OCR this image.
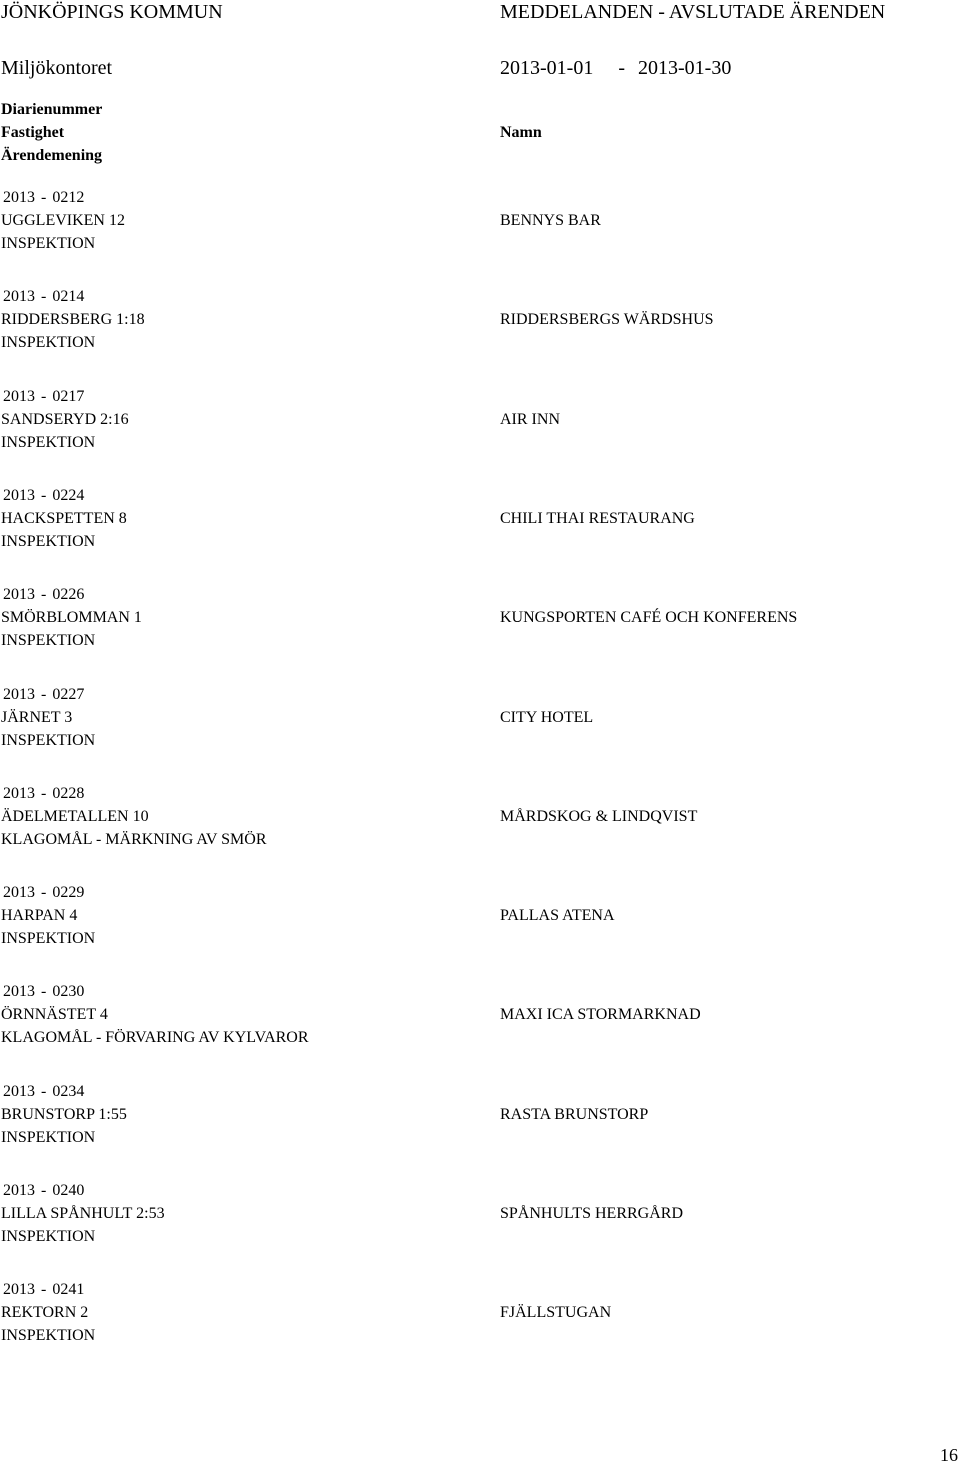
JÖNKÖPINGS KOMMUN	MEDDELANDEN - AVSLUTADE ÄRENDEN
Miljökontoret	2013-01-01 - 2013-01-30
Diarienummer
Fastighet
Ärendemening
Namn
2013 - 0212
UGGLEVIKEN 12
INSPEKTION
BENNYS BAR
2013 - 0214
RIDDERSBERG 1:18
INSPEKTION
RIDDERSBERGS WÄRDSHUS
2013 - 0217
SANDSERYD 2:16
INSPEKTION
AIR INN
2013 - 0224
HACKSPETTEN 8
INSPEKTION
CHILI THAI RESTAURANG
2013 - 0226
SMÖRBLOMMAN 1
INSPEKTION
KUNGSPORTEN CAFÉ OCH KONFERENS
2013 - 0227
JÄRNET 3
INSPEKTION
CITY HOTEL
2013 - 0228
ÄDELMETALLEN 10
KLAGOMÅL - MÄRKNING AV SMÖR
MÅRDSKOG & LINDQVIST
2013 - 0229
HARPAN 4
INSPEKTION
PALLAS ATENA
2013 - 0230
ÖRNNÄSTET 4
KLAGOMÅL - FÖRVARING AV KYLVAROR
MAXI ICA STORMARKNAD
2013 - 0234
BRUNSTORP 1:55
INSPEKTION
RASTA BRUNSTORP
2013 - 0240
LILLA SPÅNHULT 2:53
INSPEKTION
SPÅNHULTS HERRGÅRD
2013 - 0241
REKTORN 2
INSPEKTION
FJÄLLSTUGAN
16
